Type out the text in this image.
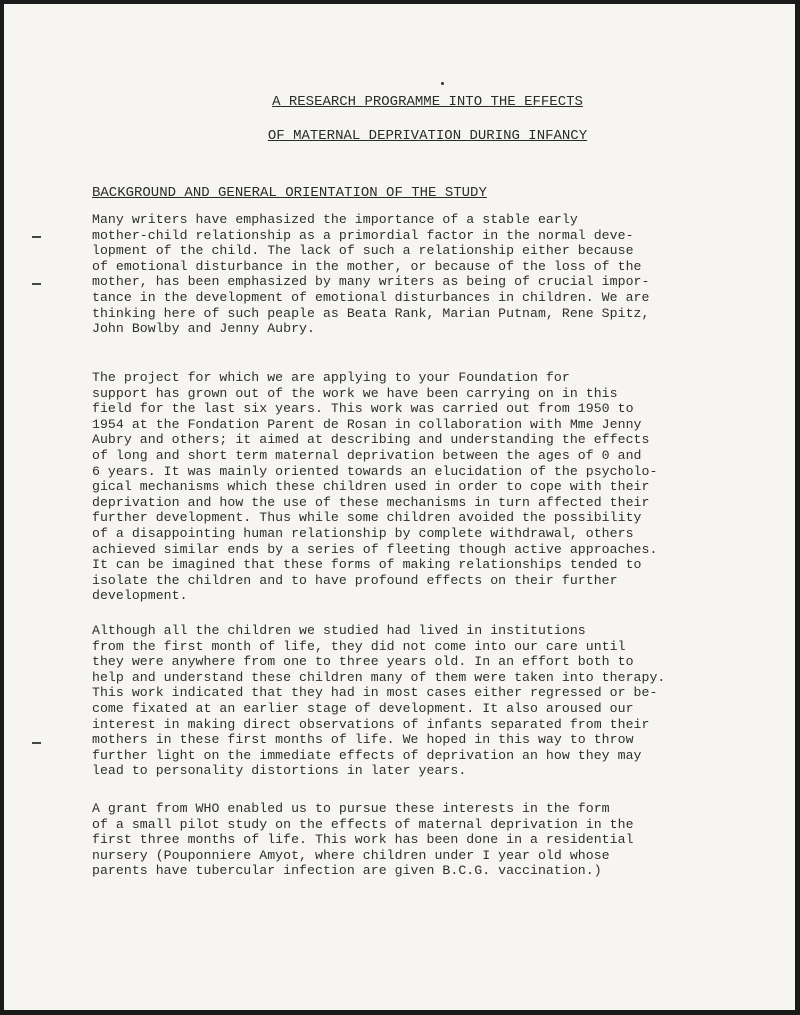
A RESEARCH PROGRAMME INTO THE EFFECTS
OF MATERNAL DEPRIVATION DURING INFANCY
BACKGROUND AND GENERAL ORIENTATION OF THE STUDY
Many writers have emphasized the importance of a stable early
mother-child relationship as a primordial factor in the normal deve-
lopment of the child. The lack of such a relationship either because
of emotional disturbance in the mother, or because of the loss of the
mother, has been emphasized by many writers as being of crucial impor-
tance in the development of emotional disturbances in children. We are
thinking here of such peaple as Beata Rank, Marian Putnam, Rene Spitz,
John Bowlby and Jenny Aubry.
The project for which we are applying to your Foundation for
support has grown out of the work we have been carrying on in this
field for the last six years. This work was carried out from 1950 to
1954 at the Fondation Parent de Rosan in collaboration with Mme Jenny
Aubry and others; it aimed at describing and understanding the effects
of long and short term maternal deprivation between the ages of 0 and
6 years. It was mainly oriented towards an elucidation of the psycholo-
gical mechanisms which these children used in order to cope with their
deprivation and how the use of these mechanisms in turn affected their
further development. Thus while some children avoided the possibility
of a disappointing human relationship by complete withdrawal, others
achieved similar ends by a series of fleeting though active approaches.
It can be imagined that these forms of making relationships tended to
isolate the children and to have profound effects on their further
development.
Although all the children we studied had lived in institutions
from the first month of life, they did not come into our care until
they were anywhere from one to three years old. In an effort both to
help and understand these children many of them were taken into therapy.
This work indicated that they had in most cases either regressed or be-
come fixated at an earlier stage of development. It also aroused our
interest in making direct observations of infants separated from their
mothers in these first months of life. We hoped in this way to throw
further light on the immediate effects of deprivation an how they may
lead to personality distortions in later years.
A grant from WHO enabled us to pursue these interests in the form
of a small pilot study on the effects of maternal deprivation in the
first three months of life. This work has been done in a residential
nursery (Pouponniere Amyot, where children under I year old whose
parents have tubercular infection are given B.C.G. vaccination.)
